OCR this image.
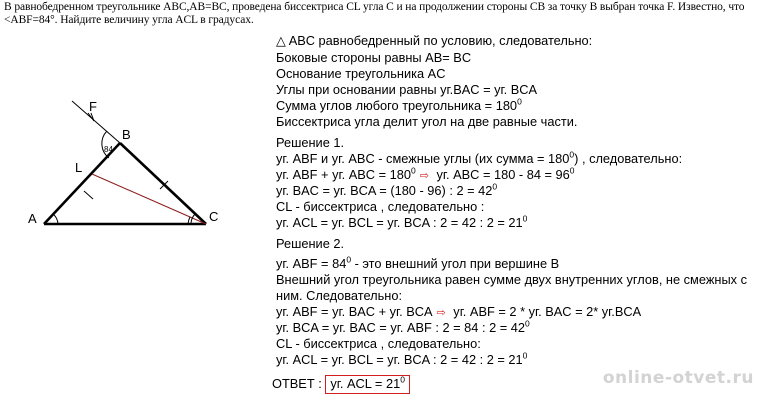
В равнобедренном треугольнике ABC,AB=BC, проведена биссектриса CL угла С и на продолжении стороны CB за точку B выбран точка F. Известно, что <ABF=84°. Найдите величину угла ACL в градусах.
F
B
L
A	C
84
△ ABC равнобедренный по условию, следовательно:
Боковые стороны равны AB= BC
Основание треугольника AC
Углы при основании равны уг.BAC = уг. BCA
Сумма углов любого треугольника = $180^0$
Биссектриса угла делит угол на две равные части.
Решение 1.
уг. ABF и уг. ABC - смежные углы (их сумма = $180^0$) , следовательно:
уг. ABF + уг. ABC = $180^0$ ⇨ уг. ABC = $180 - 84 = 96^0$
уг. BAC = уг. BCA = (180 - 96) : $2 = 42^0$
CL - биссектриса , следовательно :
уг. ACL = уг. BCL = уг. BCA : 2 = 42 : $2 = 21^0$
Решение 2.
уг. ABF = $84^0$ - это внешний угол при вершине B
Внешний угол треугольника равен сумме двух внутренних углов, не смежных с
ним. Следовательно:
уг. ABF = уг. BAC + уг. BCA ⇨ уг. ABF = 2 * уг. BAC = 2* уг.BCA
уг. BCA = уг. BAC = уг. ABF : 2 = 84 : $2 = 42^0$
CL - биссектриса , следовательно:
уг. ACL = уг. BCL = уг. BCA : 2 = 42 : $2 = 21^0$
ОТВЕТ : уг. ACL = $21^0$	online-otvet.ru
